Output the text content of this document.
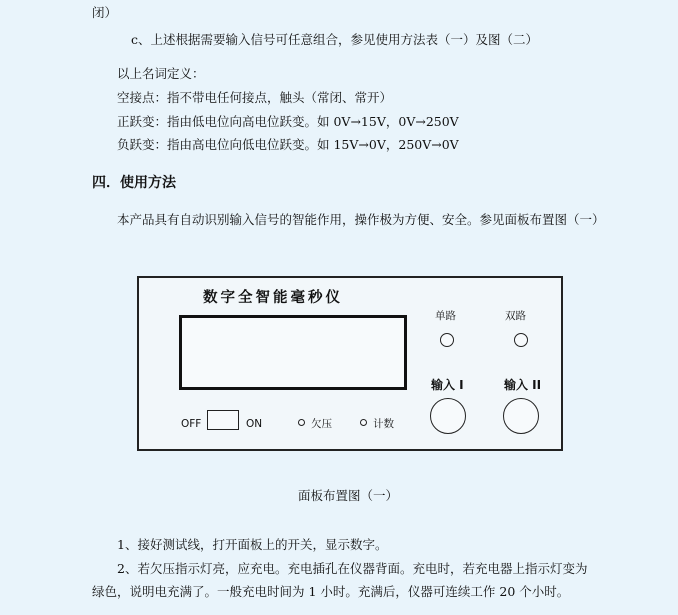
闭）
c、上述根据需要输入信号可任意组合，参见使用方法表（一）及图（二）
以上名词定义：
空接点：指不带电任何接点，触头（常闭、常开）
正跃变：指由低电位向高电位跃变。如 0V→15V，0V→250V
负跃变：指由高电位向低电位跃变。如 15V→0V，250V→0V
四．使用方法
本产品具有自动识别输入信号的智能作用，操作极为方便、安全。参见面板布置图（一）
数字全智能毫秒仪
单路	双路
输入 I	输入 II
OFF	ON	欠压	计数
面板布置图（一）
1、接好测试线，打开面板上的开关，显示数字。
2、若欠压指示灯亮，应充电。充电插孔在仪器背面。充电时，若充电器上指示灯变为
绿色，说明电充满了。一般充电时间为 1 小时。充满后，仪器可连续工作 20 个小时。
